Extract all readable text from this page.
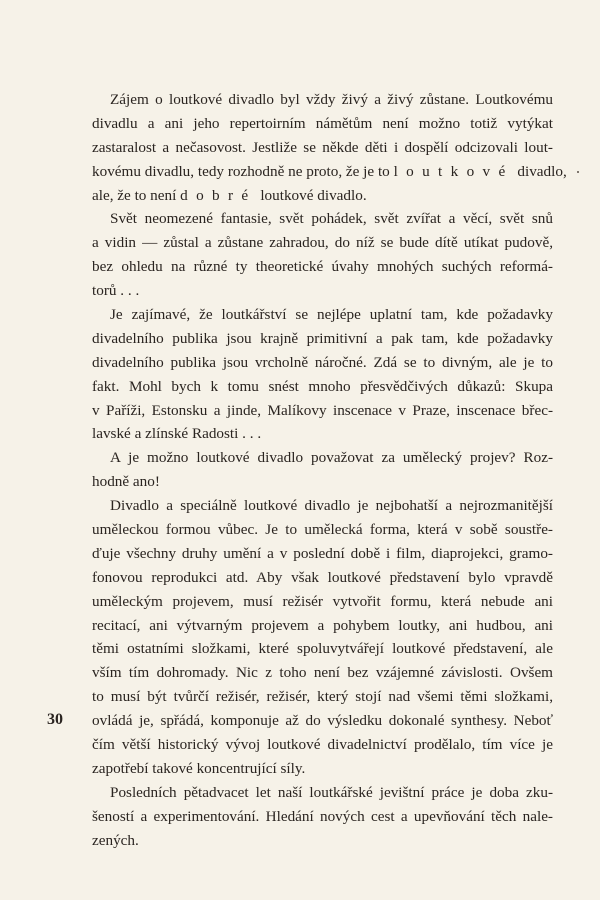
Zájem o loutkové divadlo byl vždy živý a živý zůstane. Loutkovému
divadlu a ani jeho repertoirním námětům není možno totiž vytýkat
zastaralost a nečasovost. Jestliže se někde děti i dospělí odcizovali lout-
kovému divadlu, tedy rozhodně ne proto, že je to loutkové divadlo,
ale, že to není dobré loutkové divadlo.
Svět neomezené fantasie, svět pohádek, svět zvířat a věcí, svět snů
a vidin — zůstal a zůstane zahradou, do níž se bude dítě utíkat pudově,
bez ohledu na různé ty theoretické úvahy mnohých suchých reformá-
torů . . .
Je zajímavé, že loutkářství se nejlépe uplatní tam, kde požadavky
divadelního publika jsou krajně primitivní a pak tam, kde požadavky
divadelního publika jsou vrcholně náročné. Zdá se to divným, ale je to
fakt. Mohl bych k tomu snést mnoho přesvědčivých důkazů: Skupa
v Paříži, Estonsku a jinde, Malíkovy inscenace v Praze, inscenace břec-
lavské a zlínské Radosti . . .
A je možno loutkové divadlo považovat za umělecký projev? Roz-
hodně ano!
Divadlo a speciálně loutkové divadlo je nejbohatší a nejrozmanitější
uměleckou formou vůbec. Je to umělecká forma, která v sobě soustře-
ďuje všechny druhy umění a v poslední době i film, diaprojekci, gramo-
fonovou reprodukci atd. Aby však loutkové představení bylo vpravdě
uměleckým projevem, musí režisér vytvořit formu, která nebude ani
recitací, ani výtvarným projevem a pohybem loutky, ani hudbou, ani
těmi ostatními složkami, které spoluvytvářejí loutkové představení, ale
vším tím dohromady. Nic z toho není bez vzájemné závislosti. Ovšem
to musí být tvůrčí režisér, režisér, který stojí nad všemi těmi složkami,
ovládá je, spřádá, komponuje až do výsledku dokonalé synthesy. Neboť
čím větší historický vývoj loutkové divadelnictví prodělalo, tím více je
zapotřebí takové koncentrující síly.
Posledních pětadvacet let naší loutkářské jevištní práce je doba zku-
šeností a experimentování. Hledání nových cest a upevňování těch nale-
zených.
30
